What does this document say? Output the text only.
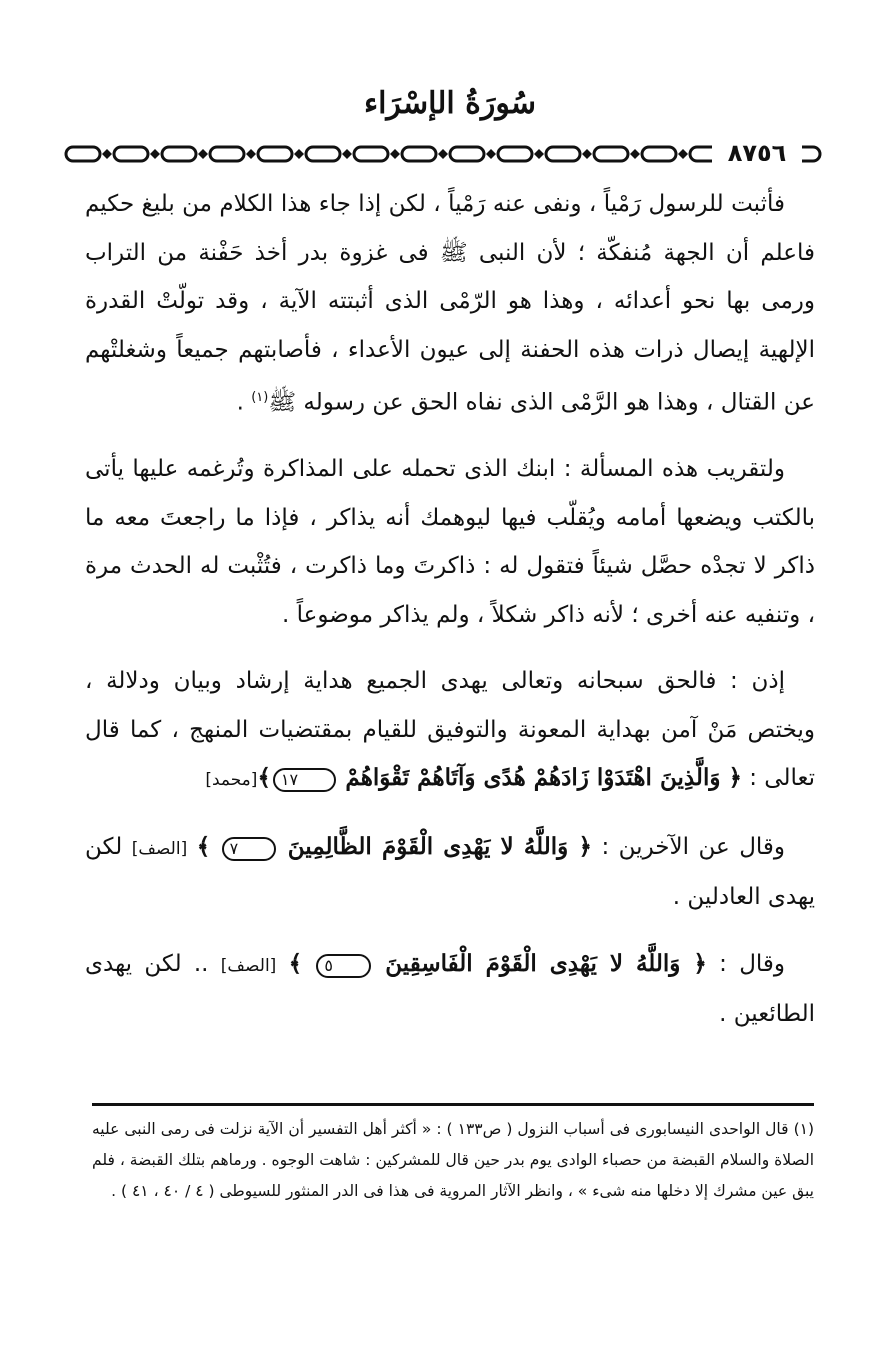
سُورَةُ الإسْرَاء
٨٧٥٦

فأثبت للرسول رَمْياً ، ونفى عنه رَمْياً ، لكن إذا جاء هذا الكلام من بليغ حكيم فاعلم أن الجهة مُنفكّة ؛ لأن النبى ﷺ فى غزوة بدر أخذ حَفْنة من التراب ورمى بها نحو أعدائه ، وهذا هو الرّمْى الذى أثبتته الآية ، وقد تولّتْ القدرة الإلهية إيصال ذرات هذه الحفنة إلى عيون الأعداء ، فأصابتهم جميعاً وشغلتْهم عن القتال ، وهذا هو الرَّمْى الذى نفاه الحق عن رسوله ﷺ$^{(١)}$ .

ولتقريب هذه المسألة : ابنك الذى تحمله على المذاكرة وتُرغمه عليها يأتى بالكتب ويضعها أمامه ويُقلّب فيها ليوهمك أنه يذاكر ، فإذا ما راجعتَ معه ما ذاكر لا تجدْه حصَّل شيئاً فتقول له : ذاكرتَ وما ذاكرت ، فتُثْبت له الحدث مرة ، وتنفيه عنه أخرى ؛ لأنه ذاكر شكلاً ، ولم يذاكر موضوعاً .

إذن : فالحق سبحانه وتعالى يهدى الجميع هداية إرشاد وبيان ودلالة ، ويختص مَنْ آمن بهداية المعونة والتوفيق للقيام بمقتضيات المنهج ، كما قال تعالى : ﴿ وَالَّذِينَ اهْتَدَوْا زَادَهُمْ هُدًى وَآتَاهُمْ تَقْوَاهُمْ ١٧﴾[محمد]

وقال عن الآخرين : ﴿ وَاللَّهُ لا يَهْدِى الْقَوْمَ الظَّالِمِينَ ٧ ﴾ [الصف] لكن يهدى العادلين .

وقال : ﴿ وَاللَّهُ لا يَهْدِى الْقَوْمَ الْفَاسِقِينَ ٥ ﴾ [الصف] .. لكن يهدى الطائعين .

(١) قال الواحدى النيسابورى فى أسباب النزول ( ص١٣٣ ) : « أكثر أهل التفسير أن الآية نزلت فى رمى النبى عليه الصلاة والسلام القبضة من حصباء الوادى يوم بدر حين قال للمشركين : شاهت الوجوه . ورماهم بتلك القبضة ، فلم يبق عين مشرك إلا دخلها منه شىء » ، وانظر الآثار المروية فى هذا فى الدر المنثور للسيوطى ( ٤ / ٤٠ ، ٤١ ) .
